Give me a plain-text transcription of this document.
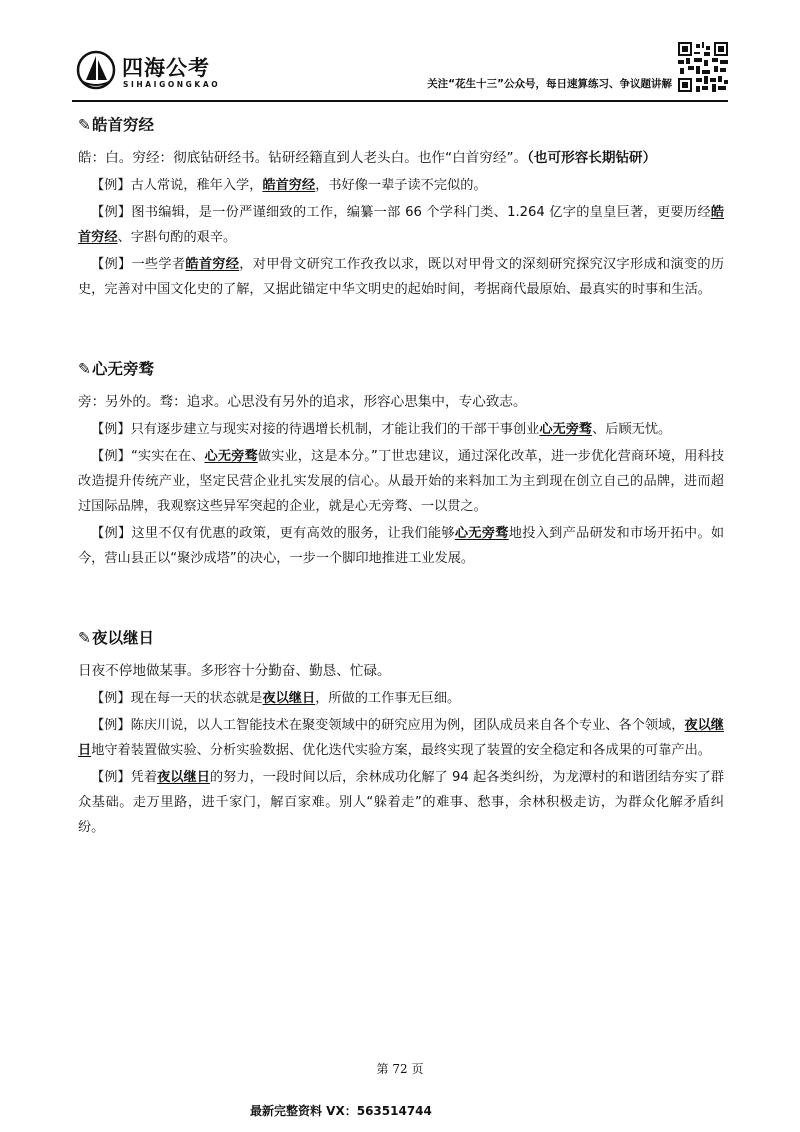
四海公考
SIHAIGONGKAO	关注“花生十三”公众号，每日速算练习、争议题讲解
✎皓首穷经

皓：白。穷经：彻底钻研经书。钻研经籍直到人老头白。也作“白首穷经”。（也可形容长期钻研）

【例】古人常说，稚年入学，皓首穷经，书好像一辈子读不完似的。

【例】图书编辑，是一份严谨细致的工作，编纂一部 66 个学科门类、1.264 亿字的皇皇巨著，更要历经皓首穷经、字斟句酌的艰辛。

【例】一些学者皓首穷经，对甲骨文研究工作孜孜以求，既以对甲骨文的深刻研究探究汉字形成和演变的历史，完善对中国文化史的了解，又据此锚定中华文明史的起始时间，考据商代最原始、最真实的时事和生活。

✎心无旁骛

旁：另外的。骛：追求。心思没有另外的追求，形容心思集中，专心致志。

【例】只有逐步建立与现实对接的待遇增长机制，才能让我们的干部干事创业心无旁骛、后顾无忧。

【例】“实实在在、心无旁骛做实业，这是本分。”丁世忠建议，通过深化改革，进一步优化营商环境，用科技改造提升传统产业，坚定民营企业扎实发展的信心。从最开始的来料加工为主到现在创立自己的品牌，进而超过国际品牌，我观察这些异军突起的企业，就是心无旁骛、一以贯之。

【例】这里不仅有优惠的政策，更有高效的服务，让我们能够心无旁骛地投入到产品研发和市场开拓中。如今，营山县正以“聚沙成塔”的决心，一步一个脚印地推进工业发展。

✎夜以继日

日夜不停地做某事。多形容十分勤奋、勤恳、忙碌。

【例】现在每一天的状态就是夜以继日，所做的工作事无巨细。

【例】陈庆川说，以人工智能技术在聚变领域中的研究应用为例，团队成员来自各个专业、各个领域，夜以继日地守着装置做实验、分析实验数据、优化迭代实验方案，最终实现了装置的安全稳定和各成果的可靠产出。

【例】凭着夜以继日的努力，一段时间以后，余林成功化解了 94 起各类纠纷，为龙潭村的和谐团结夯实了群众基础。走万里路，进千家门，解百家难。别人“躲着走”的难事、愁事，余林积极走访，为群众化解矛盾纠纷。

第 72 页
最新完整资料 VX：563514744
